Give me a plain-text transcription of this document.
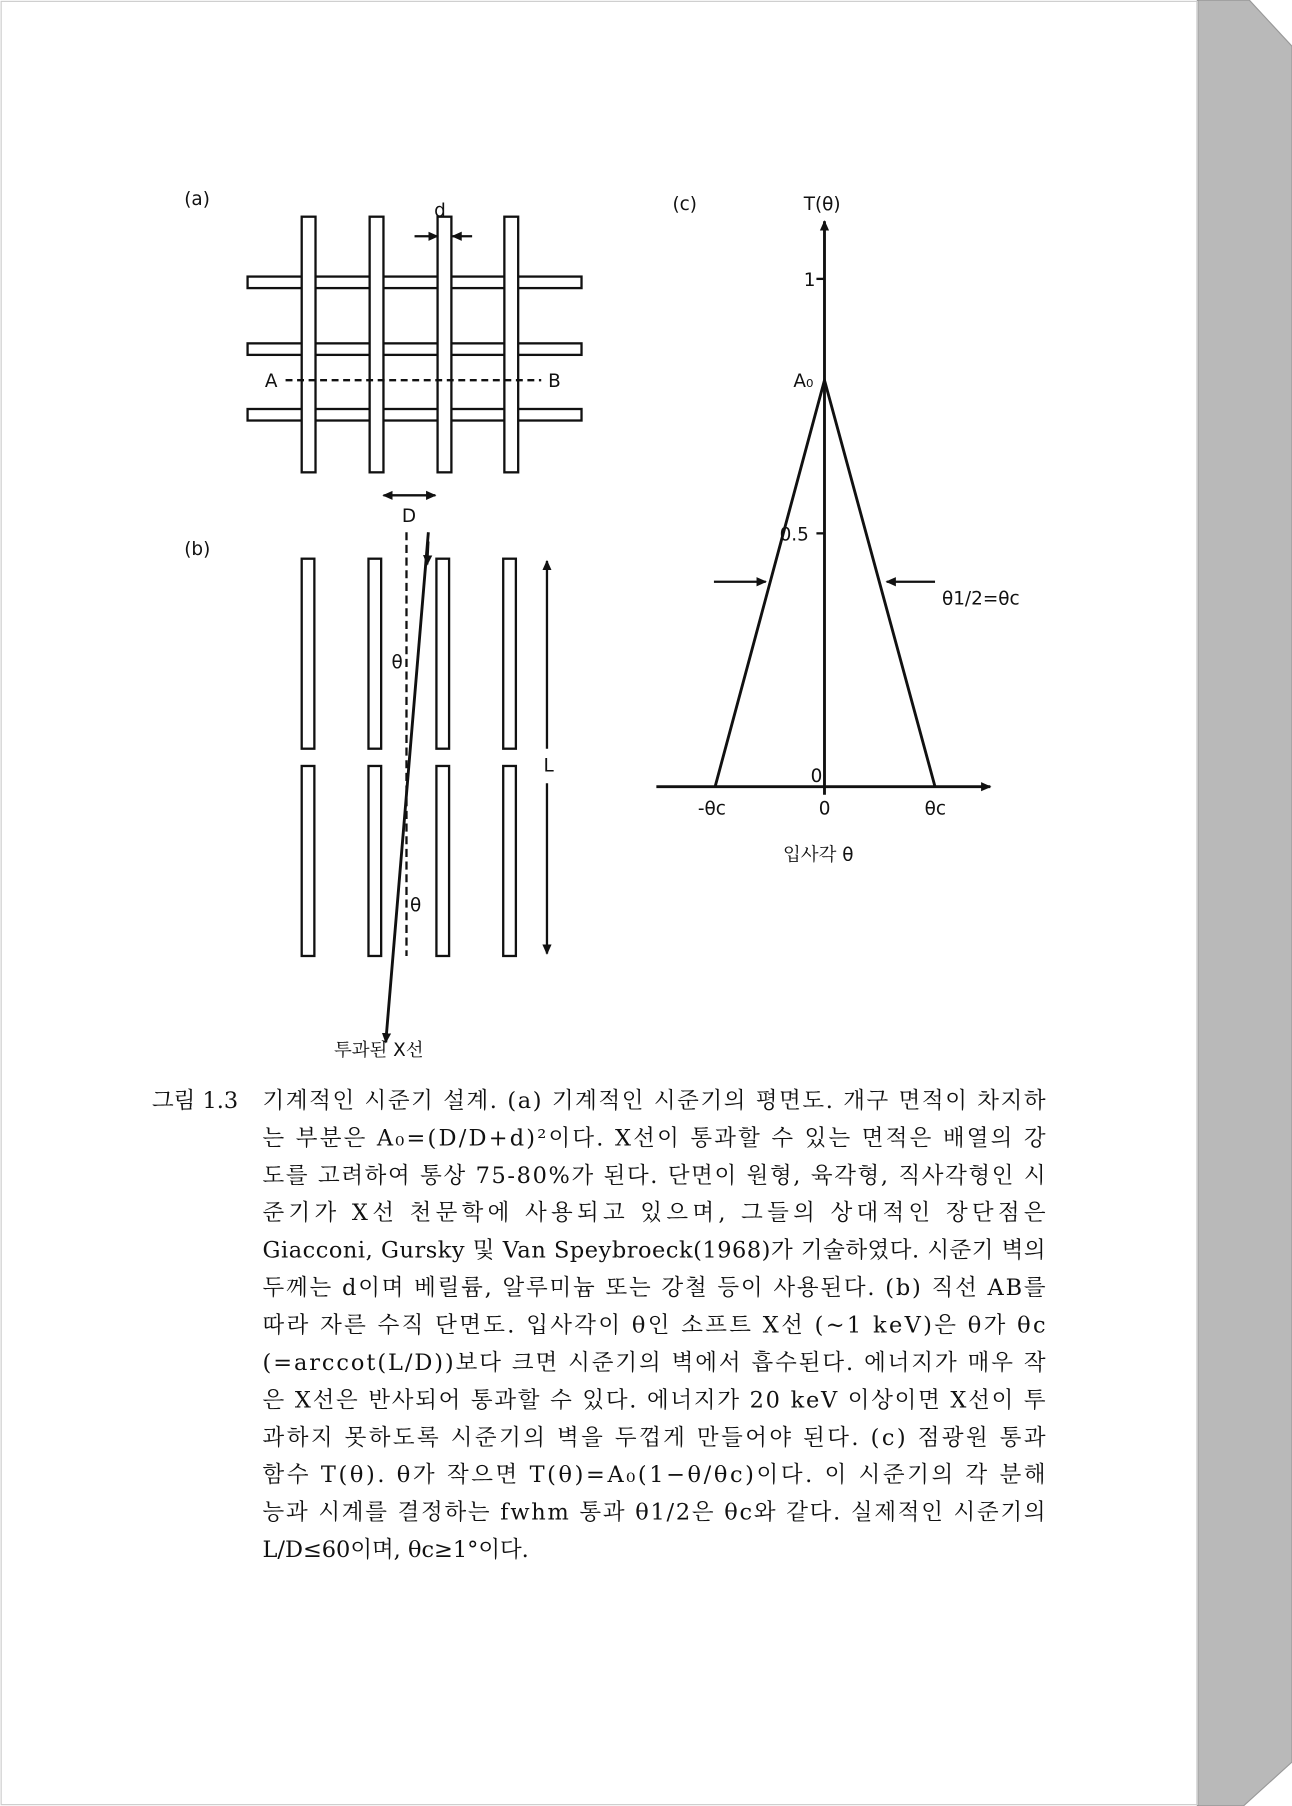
(a)
d
A	B
D
(b)
θ
θ
L
투과된 X선
(c)	T(θ)
1
A₀
0.5
0
-θc	0	θc
θ1/2=θc
입사각 θ
그림 1.3 기계적인 시준기 설계. (a) 기계적인 시준기의 평면도. 개구 면적이 차지하
는 부분은 A₀=(D/D+d)²이다. X선이 통과할 수 있는 면적은 배열의 강
도를 고려하여 통상 75-80%가 된다. 단면이 원형, 육각형, 직사각형인 시
준기가 X선 천문학에 사용되고 있으며, 그들의 상대적인 장단점은
Giacconi, Gursky 및 Van Speybroeck(1968)가 기술하였다. 시준기 벽의
두께는 d이며 베릴륨, 알루미늄 또는 강철 등이 사용된다. (b) 직선 AB를
따라 자른 수직 단면도. 입사각이 θ인 소프트 X선 (~1 keV)은 θ가 θc
(=arccot(L/D))보다 크면 시준기의 벽에서 흡수된다. 에너지가 매우 작
은 X선은 반사되어 통과할 수 있다. 에너지가 20 keV 이상이면 X선이 투
과하지 못하도록 시준기의 벽을 두껍게 만들어야 된다. (c) 점광원 통과
함수 T(θ). θ가 작으면 T(θ)=A₀(1−θ/θc)이다. 이 시준기의 각 분해
능과 시계를 결정하는 fwhm 통과 θ1/2은 θc와 같다. 실제적인 시준기의
L/D≤60이며, θc≥1°이다.
